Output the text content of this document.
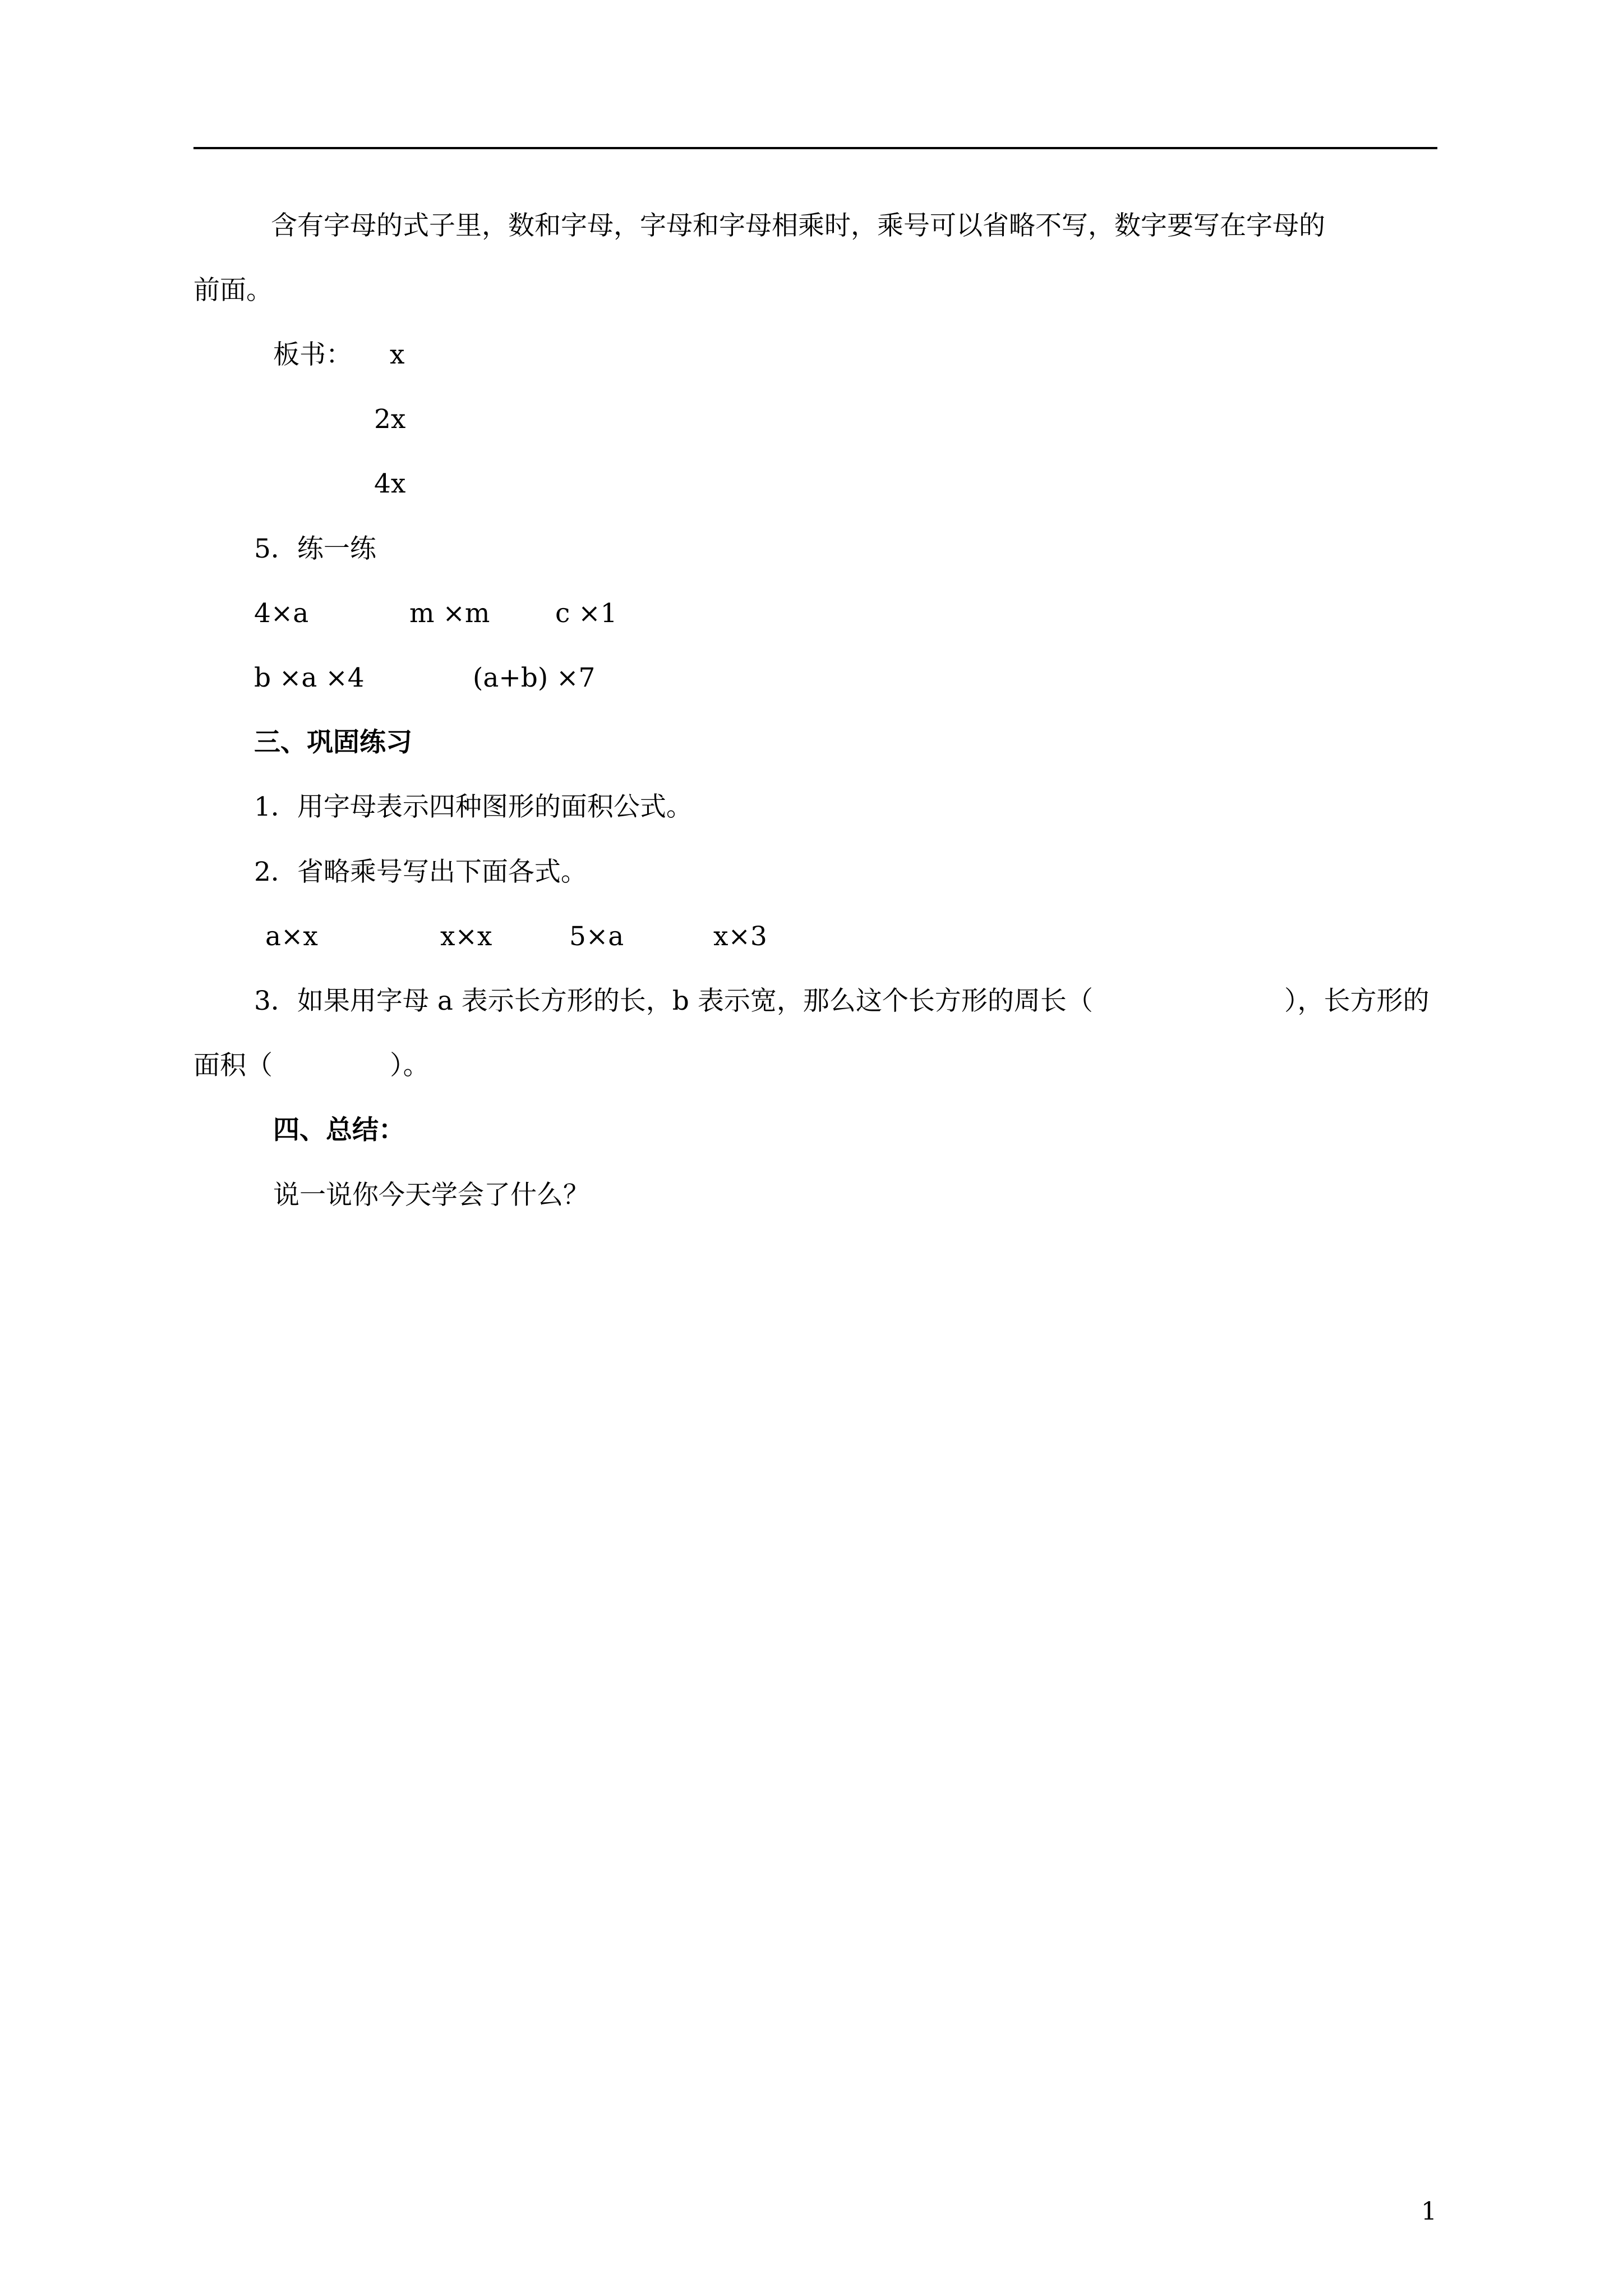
含有字母的式子里，数和字母，字母和字母相乘时，乘号可以省略不写，数字要写在字母的
前面。
板书： x
2x
4x
5．练一练
4×a	m ×m c ×1
b ×a ×4	(a+b) ×7
三、巩固练习
1．用字母表示四种图形的面积公式。
2．省略乘号写出下面各式。
a×x	x×x	5×a	x×3
3．如果用字母 a 表示长方形的长，b 表示宽，那么这个长方形的周长（	），长方形的
面积（              ）。
四、总结：
说一说你今天学会了什么？
1
